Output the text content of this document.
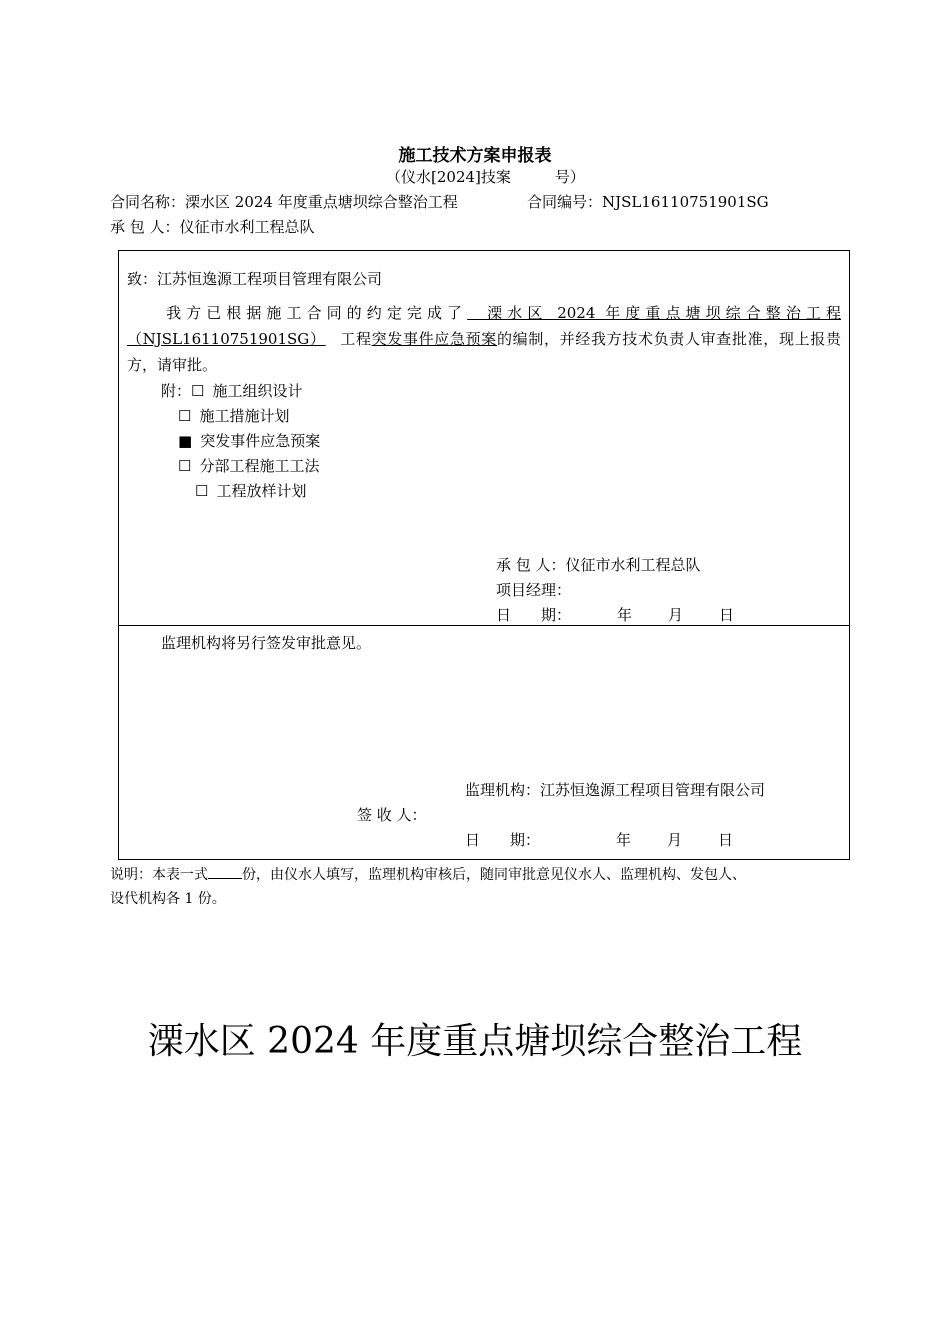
施工技术方案申报表
（仪水[2024]技案	号）
合同名称：溧水区 2024 年度重点塘坝综合整治工程	合同编号：NJSL16110751901SG
承 包 人：仪征市水利工程总队
致：江苏恒逸源工程项目管理有限公司
我方已根据施工合同的约定完成了　溧水区 2024 年度重点塘坝综合整治工程（NJSL16110751901SG） 工程突发事件应急预案的编制，并经我方技术负责人审查批准，现上报贵方，请审批。
附：☐ 施工组织设计
☐ 施工措施计划
■ 突发事件应急预案
☐ 分部工程施工工法
☐ 工程放样计划
承 包 人：仪征市水利工程总队
项目经理：
日　　期：	年 月 日
监理机构将另行签发审批意见。
监理机构：江苏恒逸源工程项目管理有限公司
签 收 人：
日　　期：	年 月 日
说明：本表一式 份，由仪水人填写，监理机构审核后，随同审批意见仪水人、监理机构、发包人、
设代机构各 1 份。
溧水区 2024 年度重点塘坝综合整治工程
